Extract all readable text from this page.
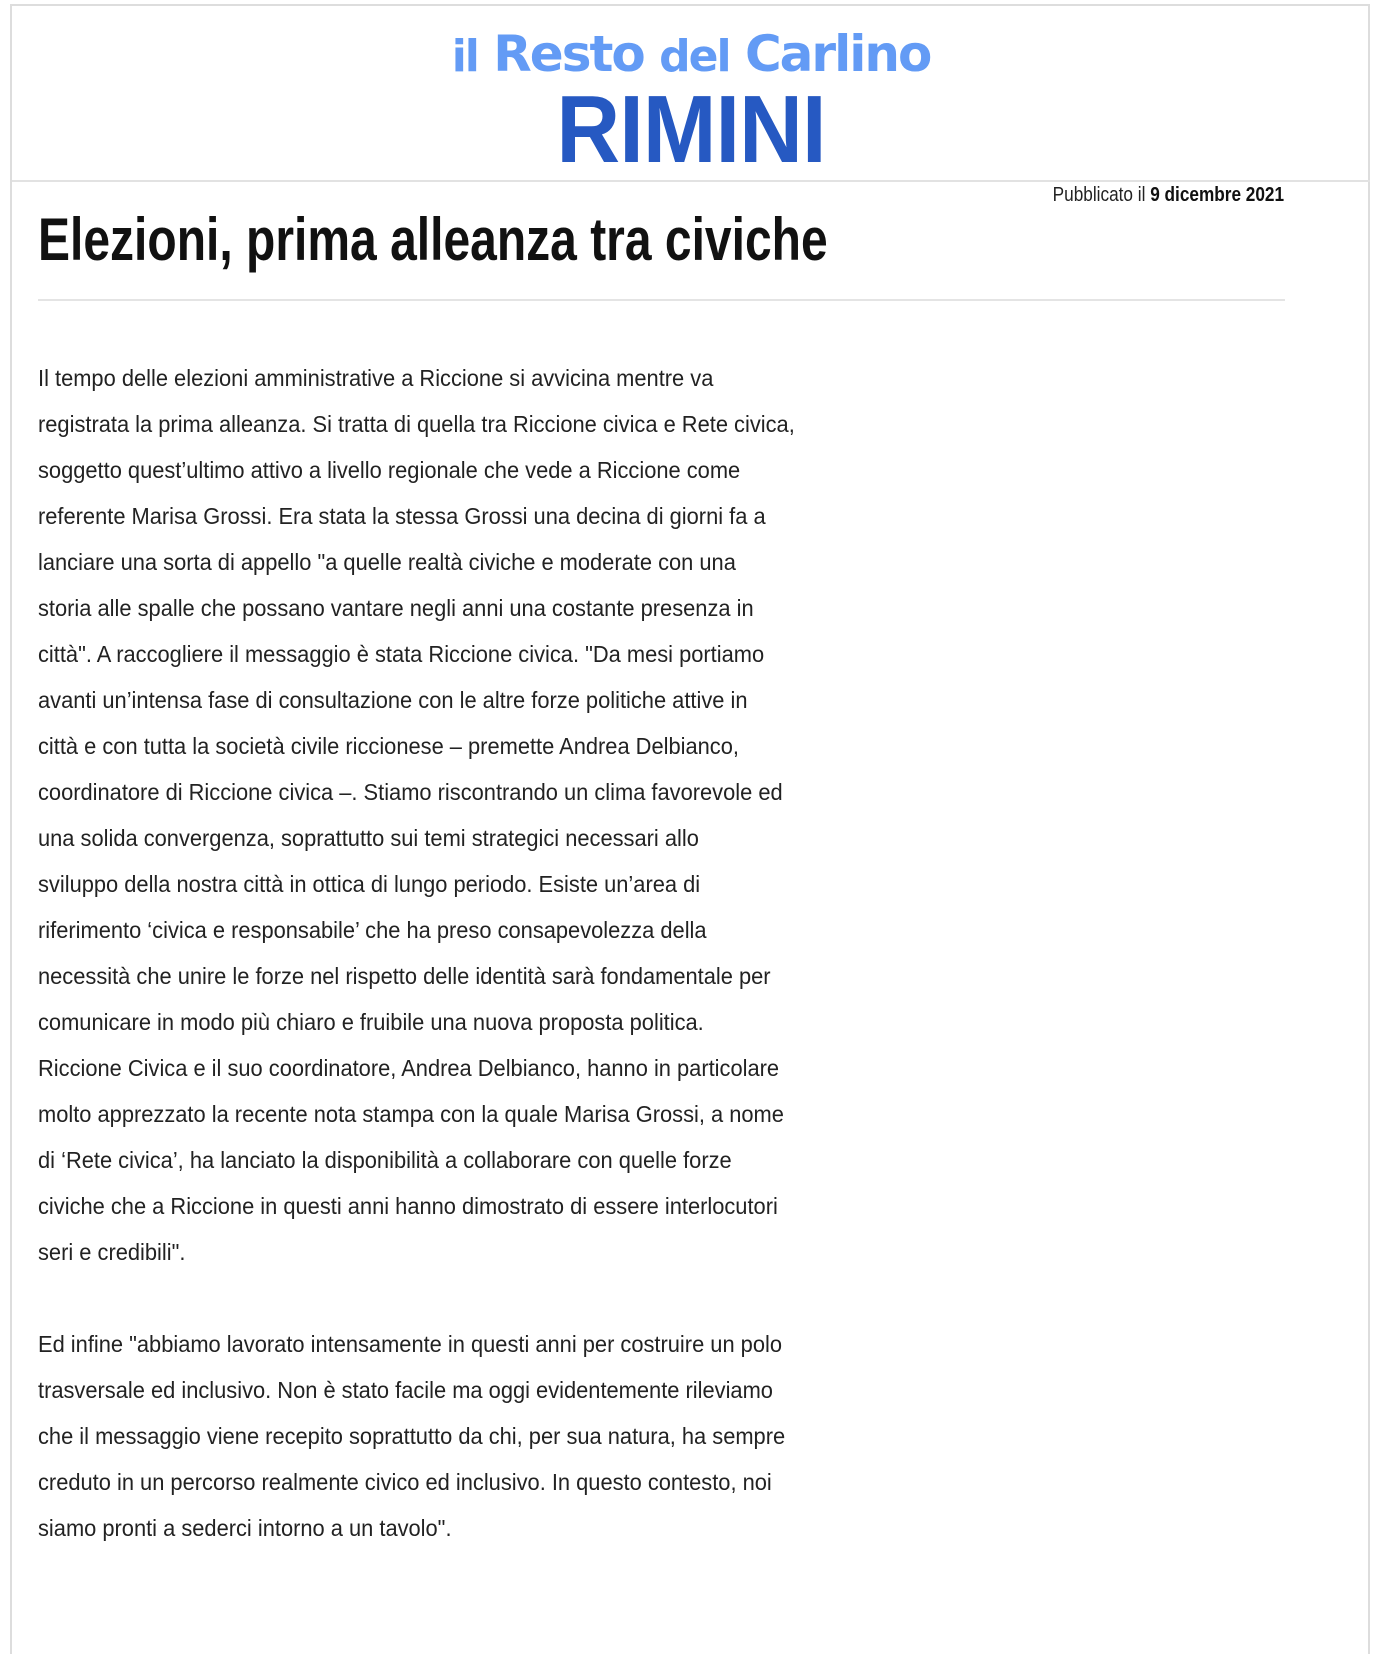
il Resto del Carlino
RIMINI
Pubblicato il 9 dicembre 2021
Elezioni, prima alleanza tra civiche

Il tempo delle elezioni amministrative a Riccione si avvicina mentre va
registrata la prima alleanza. Si tratta di quella tra Riccione civica e Rete civica,
soggetto quest’ultimo attivo a livello regionale che vede a Riccione come
referente Marisa Grossi. Era stata la stessa Grossi una decina di giorni fa a
lanciare una sorta di appello "a quelle realtà civiche e moderate con una
storia alle spalle che possano vantare negli anni una costante presenza in
città". A raccogliere il messaggio è stata Riccione civica. "Da mesi portiamo
avanti un’intensa fase di consultazione con le altre forze politiche attive in
città e con tutta la società civile riccionese – premette Andrea Delbianco,
coordinatore di Riccione civica –. Stiamo riscontrando un clima favorevole ed
una solida convergenza, soprattutto sui temi strategici necessari allo
sviluppo della nostra città in ottica di lungo periodo. Esiste un’area di
riferimento ‘civica e responsabile’ che ha preso consapevolezza della
necessità che unire le forze nel rispetto delle identità sarà fondamentale per
comunicare in modo più chiaro e fruibile una nuova proposta politica.
Riccione Civica e il suo coordinatore, Andrea Delbianco, hanno in particolare
molto apprezzato la recente nota stampa con la quale Marisa Grossi, a nome
di ‘Rete civica’, ha lanciato la disponibilità a collaborare con quelle forze
civiche che a Riccione in questi anni hanno dimostrato di essere interlocutori
seri e credibili".

Ed infine "abbiamo lavorato intensamente in questi anni per costruire un polo
trasversale ed inclusivo. Non è stato facile ma oggi evidentemente rileviamo
che il messaggio viene recepito soprattutto da chi, per sua natura, ha sempre
creduto in un percorso realmente civico ed inclusivo. In questo contesto, noi
siamo pronti a sederci intorno a un tavolo".
